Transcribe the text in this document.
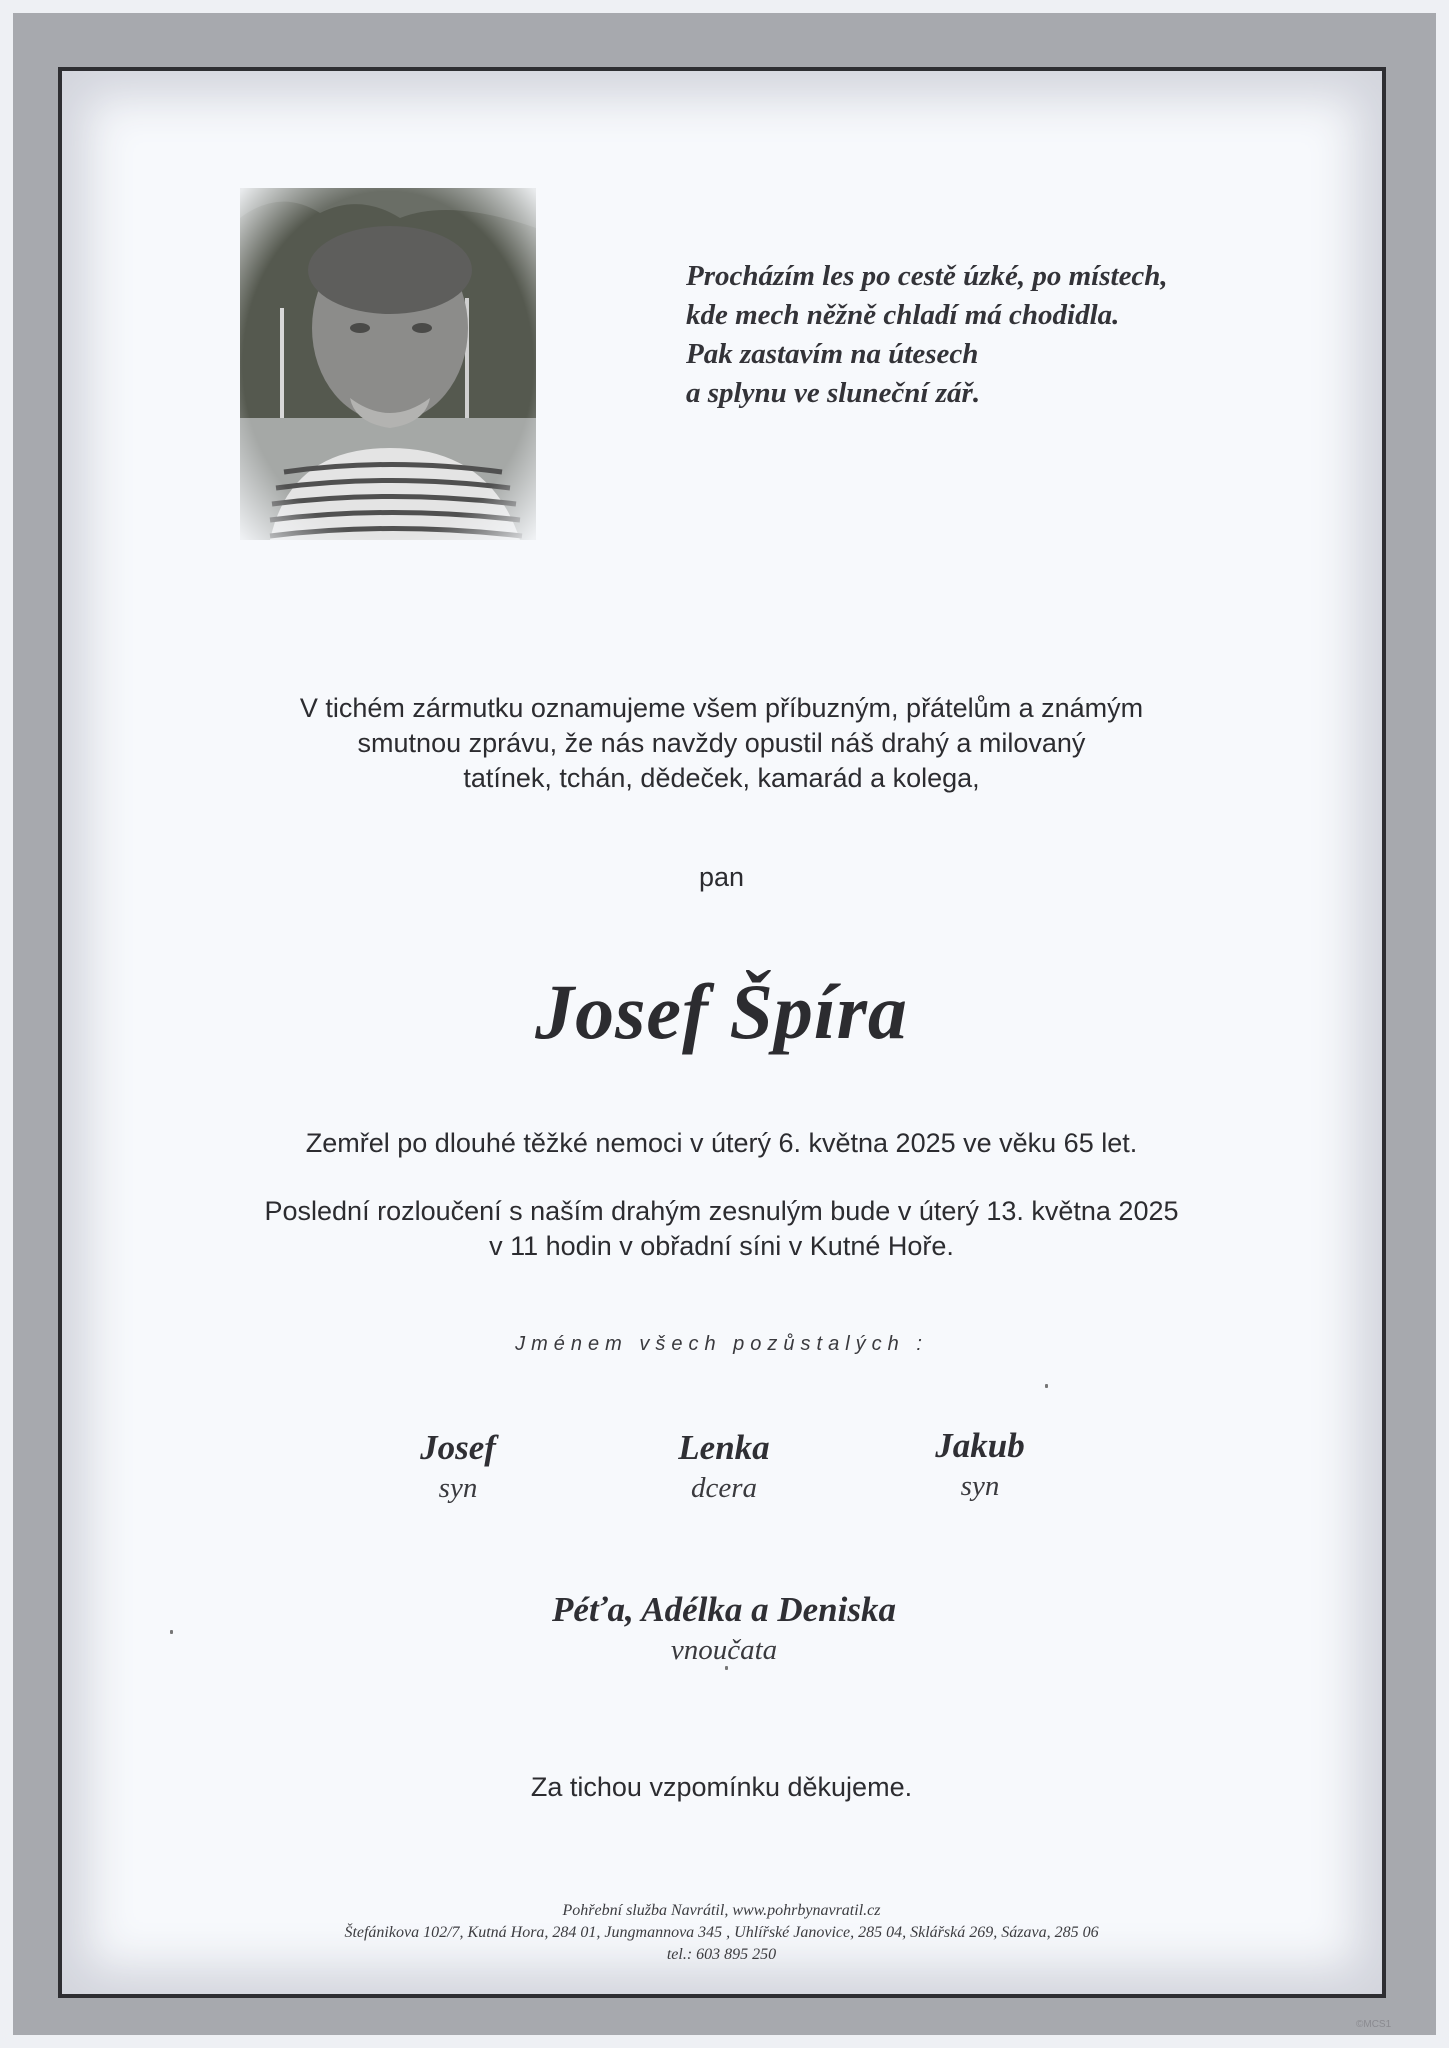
Procházím les po cestě úzké, po místech,
kde mech něžně chladí má chodidla.
Pak zastavím na útesech
a splynu ve sluneční zář.
V tichém zármutku oznamujeme všem příbuzným, přátelům a známým
smutnou zprávu, že nás navždy opustil náš drahý a milovaný
tatínek, tchán, dědeček, kamarád a kolega,
pan
Josef Špíra
Zemřel po dlouhé těžké nemoci v úterý 6. května 2025 ve věku 65 let.
Poslední rozloučení s naším drahým zesnulým bude v úterý 13. května 2025
v 11 hodin v obřadní síni v Kutné Hoře.
Jménem všech pozůstalých :
Josef
syn
Lenka
dcera
Jakub
syn
Péťa, Adélka a Deniska
vnoučata
Za tichou vzpomínku děkujeme.
Pohřební služba Navrátil, www.pohrbynavratil.cz
Štefánikova 102/7, Kutná Hora, 284 01, Jungmannova 345 , Uhlířské Janovice, 285 04, Sklářská 269, Sázava, 285 06
tel.: 603 895 250
©MCS1
